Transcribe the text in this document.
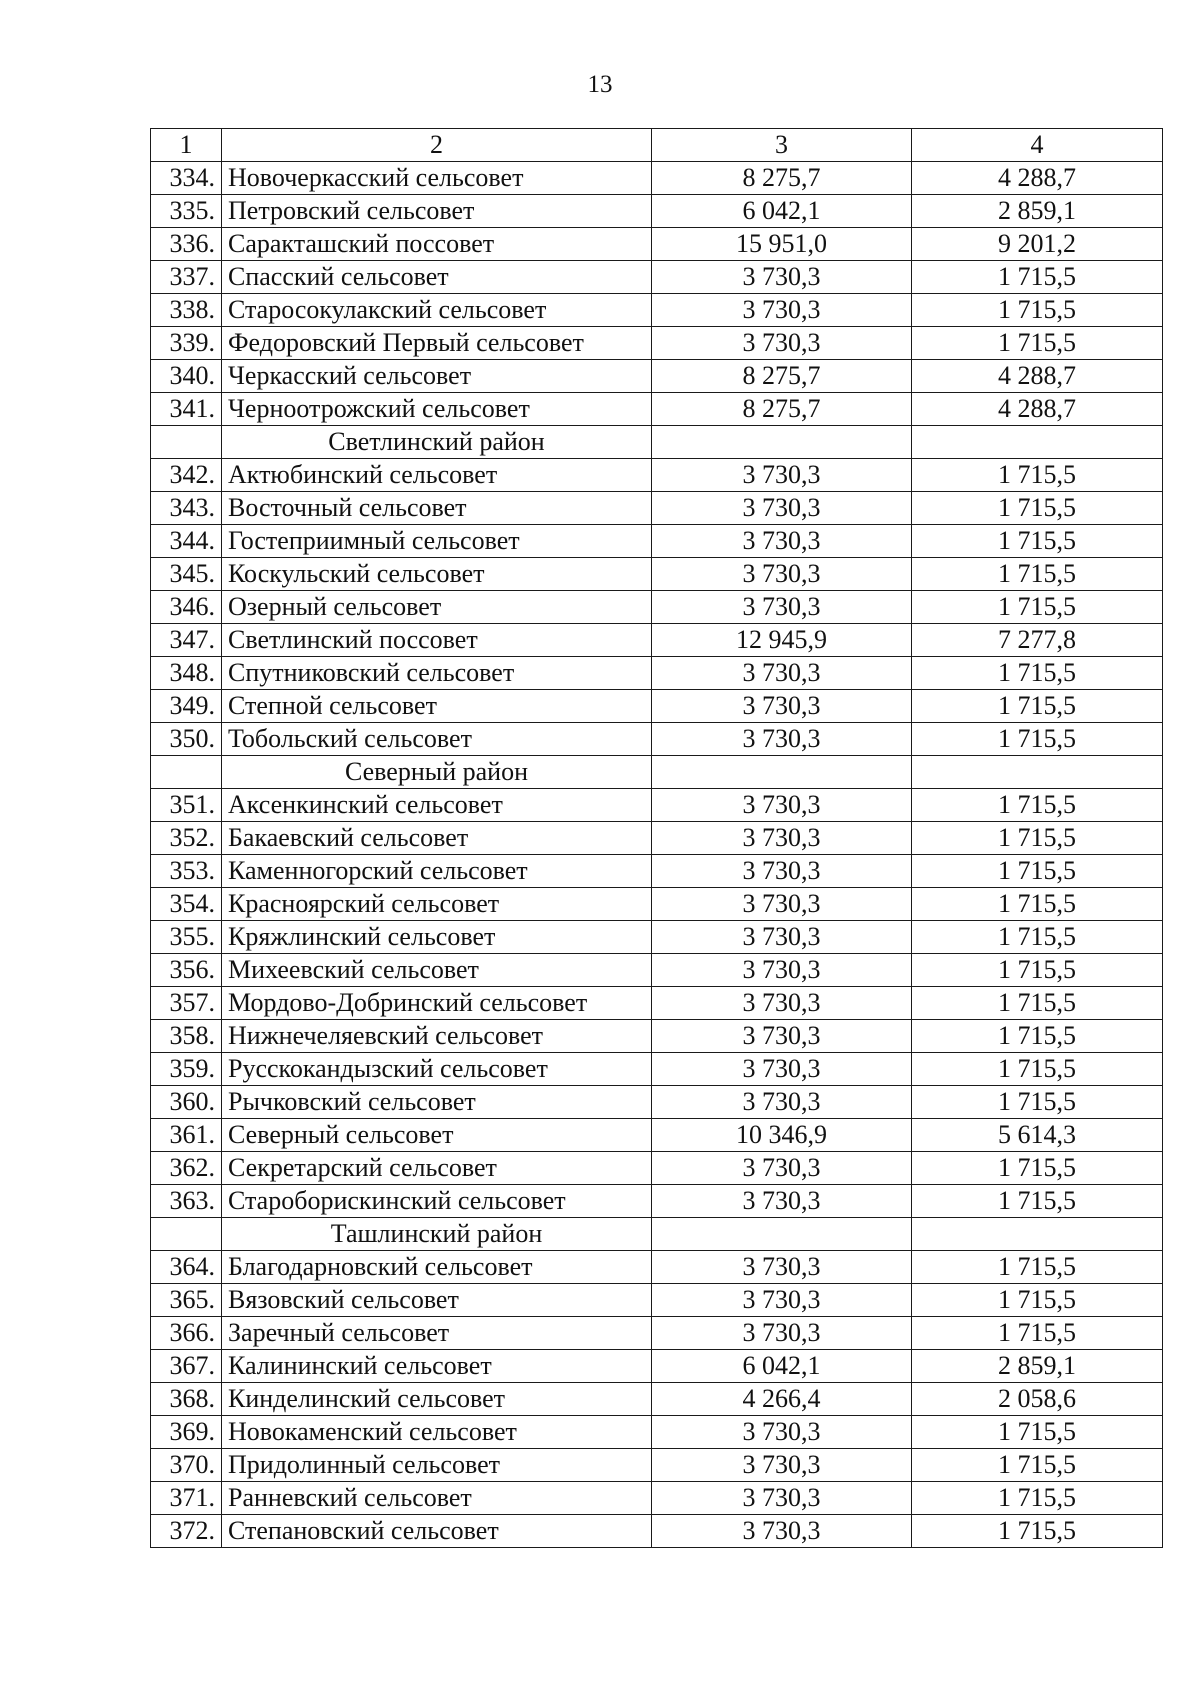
13
1	2	3	4
334.	Новочеркасский сельсовет	8 275,7	4 288,7
335.	Петровский сельсовет	6 042,1	2 859,1
336.	Саракташский поссовет	15 951,0	9 201,2
337.	Спасский сельсовет	3 730,3	1 715,5
338.	Старосокулакский сельсовет	3 730,3	1 715,5
339.	Федоровский Первый сельсовет	3 730,3	1 715,5
340.	Черкасский сельсовет	8 275,7	4 288,7
341.	Черноотрожский сельсовет	8 275,7	4 288,7
	Светлинский район		
342.	Актюбинский сельсовет	3 730,3	1 715,5
343.	Восточный сельсовет	3 730,3	1 715,5
344.	Гостеприимный сельсовет	3 730,3	1 715,5
345.	Коскульский сельсовет	3 730,3	1 715,5
346.	Озерный сельсовет	3 730,3	1 715,5
347.	Светлинский поссовет	12 945,9	7 277,8
348.	Спутниковский сельсовет	3 730,3	1 715,5
349.	Степной сельсовет	3 730,3	1 715,5
350.	Тобольский сельсовет	3 730,3	1 715,5
	Северный район		
351.	Аксенкинский сельсовет	3 730,3	1 715,5
352.	Бакаевский сельсовет	3 730,3	1 715,5
353.	Каменногорский сельсовет	3 730,3	1 715,5
354.	Красноярский сельсовет	3 730,3	1 715,5
355.	Кряжлинский сельсовет	3 730,3	1 715,5
356.	Михеевский сельсовет	3 730,3	1 715,5
357.	Мордово-Добринский сельсовет	3 730,3	1 715,5
358.	Нижнечеляевский сельсовет	3 730,3	1 715,5
359.	Русскокандызский сельсовет	3 730,3	1 715,5
360.	Рычковский сельсовет	3 730,3	1 715,5
361.	Северный сельсовет	10 346,9	5 614,3
362.	Секретарский сельсовет	3 730,3	1 715,5
363.	Староборискинский сельсовет	3 730,3	1 715,5
	Ташлинский район		
364.	Благодарновский сельсовет	3 730,3	1 715,5
365.	Вязовский сельсовет	3 730,3	1 715,5
366.	Заречный сельсовет	3 730,3	1 715,5
367.	Калининский сельсовет	6 042,1	2 859,1
368.	Кинделинский сельсовет	4 266,4	2 058,6
369.	Новокаменский сельсовет	3 730,3	1 715,5
370.	Придолинный сельсовет	3 730,3	1 715,5
371.	Ранневский сельсовет	3 730,3	1 715,5
372.	Степановский сельсовет	3 730,3	1 715,5
